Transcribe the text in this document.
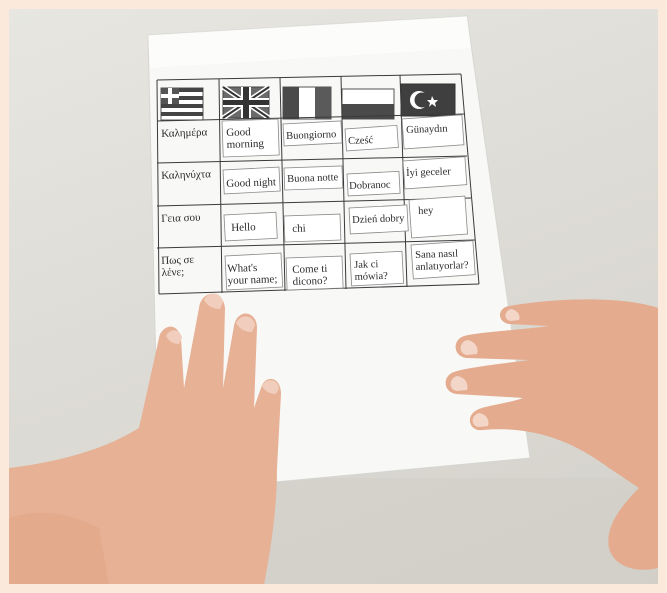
Καλημέρα
Καληνύχτα
Γεια σου
Πως σε
λένε;
Good
morning
Good night
Hello
What's
your name;
Buongiorno
Buona notte
chi
Come ti
dicono?
Cześć
Dobranoc
Dzień dobry
Jak ci
mówia?
Günaydın
İyi geceler
hey
Sana nasıl
anlatıyorlar?
